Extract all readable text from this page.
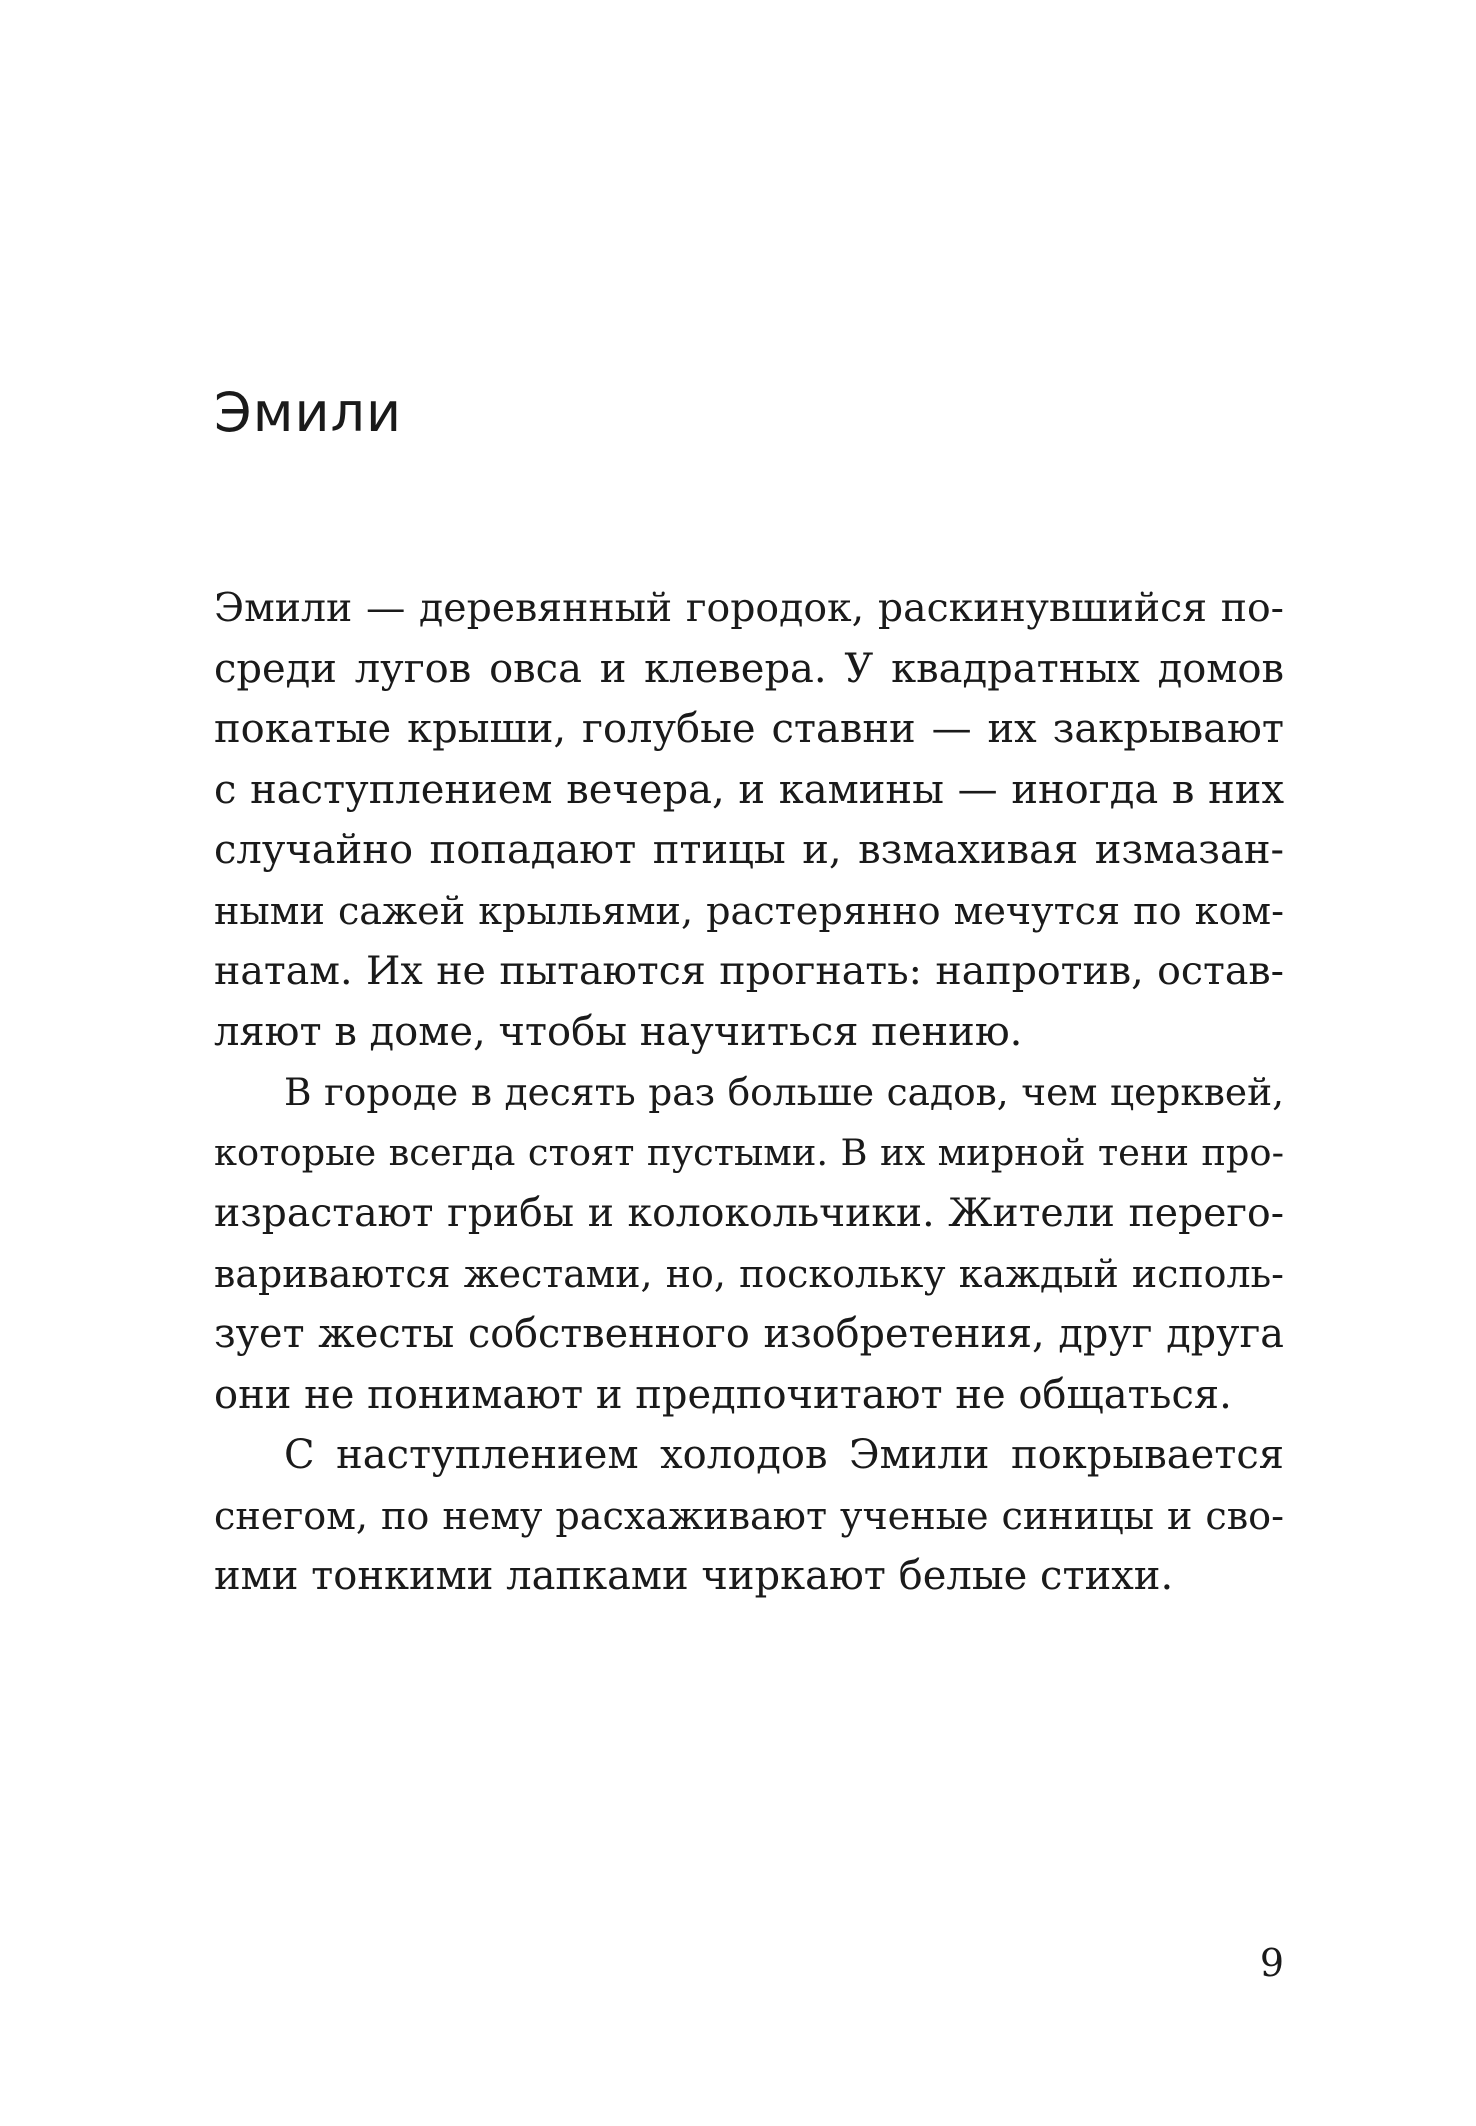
Эмили
Эмили — деревянный городок, раскинувшийся по-
среди лугов овса и клевера. У квадратных домов
покатые крыши, голубые ставни — их закрывают
с наступлением вечера, и камины — иногда в них
случайно попадают птицы и, взмахивая измазан-
ными сажей крыльями, растерянно мечутся по ком-
натам. Их не пытаются прогнать: напротив, остав-
ляют в доме, чтобы научиться пению.
В городе в десять раз больше садов, чем церквей,
которые всегда стоят пустыми. В их мирной тени про-
израстают грибы и колокольчики. Жители перего-
вариваются жестами, но, поскольку каждый исполь-
зует жесты собственного изобретения, друг друга
они не понимают и предпочитают не общаться.
С наступлением холодов Эмили покрывается
снегом, по нему расхаживают ученые синицы и сво-
ими тонкими лапками чиркают белые стихи.
9
